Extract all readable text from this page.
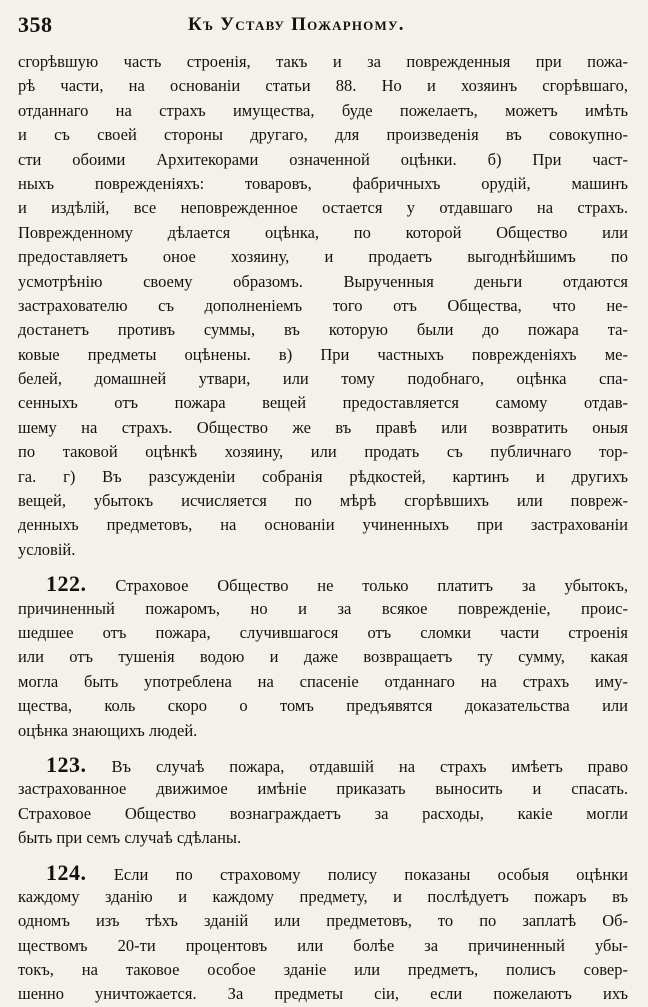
358	Къ Уставу Пожарному.
сгорѣвшую часть строенія, такъ и за поврежденныя при пожа-
рѣ части, на основаніи статьи 88. Но и хозяинъ сгорѣвшаго,
отданнаго на страхъ имущества, буде пожелаетъ, можетъ имѣть
и съ своей стороны другаго, для произведенія въ совокупно-
сти обоими Архитекорами означенной оцѣнки. б) При част-
ныхъ поврежденіяхъ: товаровъ, фабричныхъ орудій, машинъ
и издѣлій, все неповрежденное остается у отдавшаго на страхъ.
Поврежденному дѣлается оцѣнка, по которой Общество или
предоставляетъ оное хозяину, и продаетъ выгоднѣйшимъ по
усмотрѣнію своему образомъ. Вырученныя деньги отдаются
застрахователю съ дополненіемъ того отъ Общества, что не-
достанетъ противъ суммы, въ которую были до пожара та-
ковые предметы оцѣнены. в) При частныхъ поврежденіяхъ ме-
белей, домашней утвари, или тому подобнаго, оцѣнка спа-
сенныхъ отъ пожара вещей предоставляется самому отдав-
шему на страхъ. Общество же въ правѣ или возвратить оныя
по таковой оцѣнкѣ хозяину, или продать съ публичнаго тор-
га. г) Въ разсужденіи собранія рѣдкостей, картинъ и другихъ
вещей, убытокъ исчисляется по мѣрѣ сгорѣвшихъ или повреж-
денныхъ предметовъ, на основаніи учиненныхъ при застрахованіи
условій.
122. Страховое Общество не только платитъ за убытокъ,
причиненный пожаромъ, но и за всякое поврежденіе, проис-
шедшее отъ пожара, случившагося отъ сломки части строенія
или отъ тушенія водою и даже возвращаетъ ту сумму, какая
могла быть употреблена на спасеніе отданнаго на страхъ иму-
щества, коль скоро о томъ предъявятся доказательства или
оцѣнка знающихъ людей.
123. Въ случаѣ пожара, отдавшій на страхъ имѣетъ право
застрахованное движимое имѣніе приказать выносить и спасать.
Страховое Общество вознаграждаетъ за расходы, какіе могли
быть при семъ случаѣ сдѣланы.
124. Если по страховому полису показаны особыя оцѣнки
каждому зданію и каждому предмету, и послѣдуетъ пожаръ въ
одномъ изъ тѣхъ зданій или предметовъ, то по заплатѣ Об-
ществомъ 20-ти процентовъ или болѣе за причиненный убы-
токъ, на таковое особое зданіе или предметъ, полисъ совер-
шенно уничтожается. За предметы сіи, если пожелаютъ ихъ
